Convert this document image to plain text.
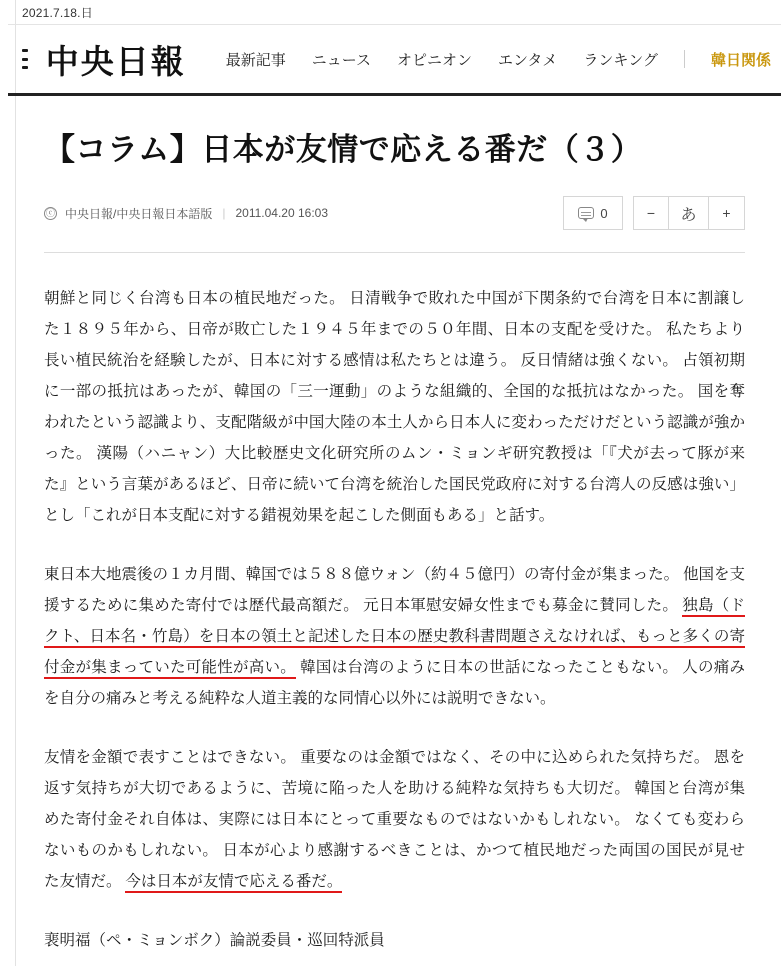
2021.7.18.日
中央日報	最新記事 ニュース オピニオン エンタメ ランキング	韓日関係
【コラム】日本が友情で応える番だ（３）
ⓒ 中央日報/中央日報日本語版 | 2011.04.20 16:03	0	−	あ	+

朝鮮と同じく台湾も日本の植民地だった。 日清戦争で敗れた中国が下関条約で台湾を日本に割譲した１８９５年から、日帝が敗亡した１９４５年までの５０年間、日本の支配を受けた。 私たちより長い植民統治を経験したが、日本に対する感情は私たちとは違う。 反日情緒は強くない。 占領初期に一部の抵抗はあったが、韓国の「三一運動」のような組織的、全国的な抵抗はなかった。 国を奪われたという認識より、支配階級が中国大陸の本土人から日本人に変わっただけだという認識が強かった。 漢陽（ハニャン）大比較歴史文化研究所のムン・ミョンギ研究教授は「『犬が去って豚が来た』という言葉があるほど、日帝に続いて台湾を統治した国民党政府に対する台湾人の反感は強い」とし「これが日本支配に対する錯視効果を起こした側面もある」と話す。

東日本大地震後の１カ月間、韓国では５８８億ウォン（約４５億円）の寄付金が集まった。 他国を支援するために集めた寄付では歴代最高額だ。 元日本軍慰安婦女性までも募金に賛同した。 独島（ドクト、日本名・竹島）を日本の領土と記述した日本の歴史教科書問題さえなければ、もっと多くの寄付金が集まっていた可能性が高い。 韓国は台湾のように日本の世話になったこともない。 人の痛みを自分の痛みと考える純粋な人道主義的な同情心以外には説明できない。

友情を金額で表すことはできない。 重要なのは金額ではなく、その中に込められた気持ちだ。 恩を返す気持ちが大切であるように、苦境に陥った人を助ける純粋な気持ちも大切だ。 韓国と台湾が集めた寄付金それ自体は、実際には日本にとって重要なものではないかもしれない。 なくても変わらないものかもしれない。 日本が心より感謝するべきことは、かつて植民地だった両国の国民が見せた友情だ。 今は日本が友情で応える番だ。

裵明福（ペ・ミョンボク）論説委員・巡回特派員
